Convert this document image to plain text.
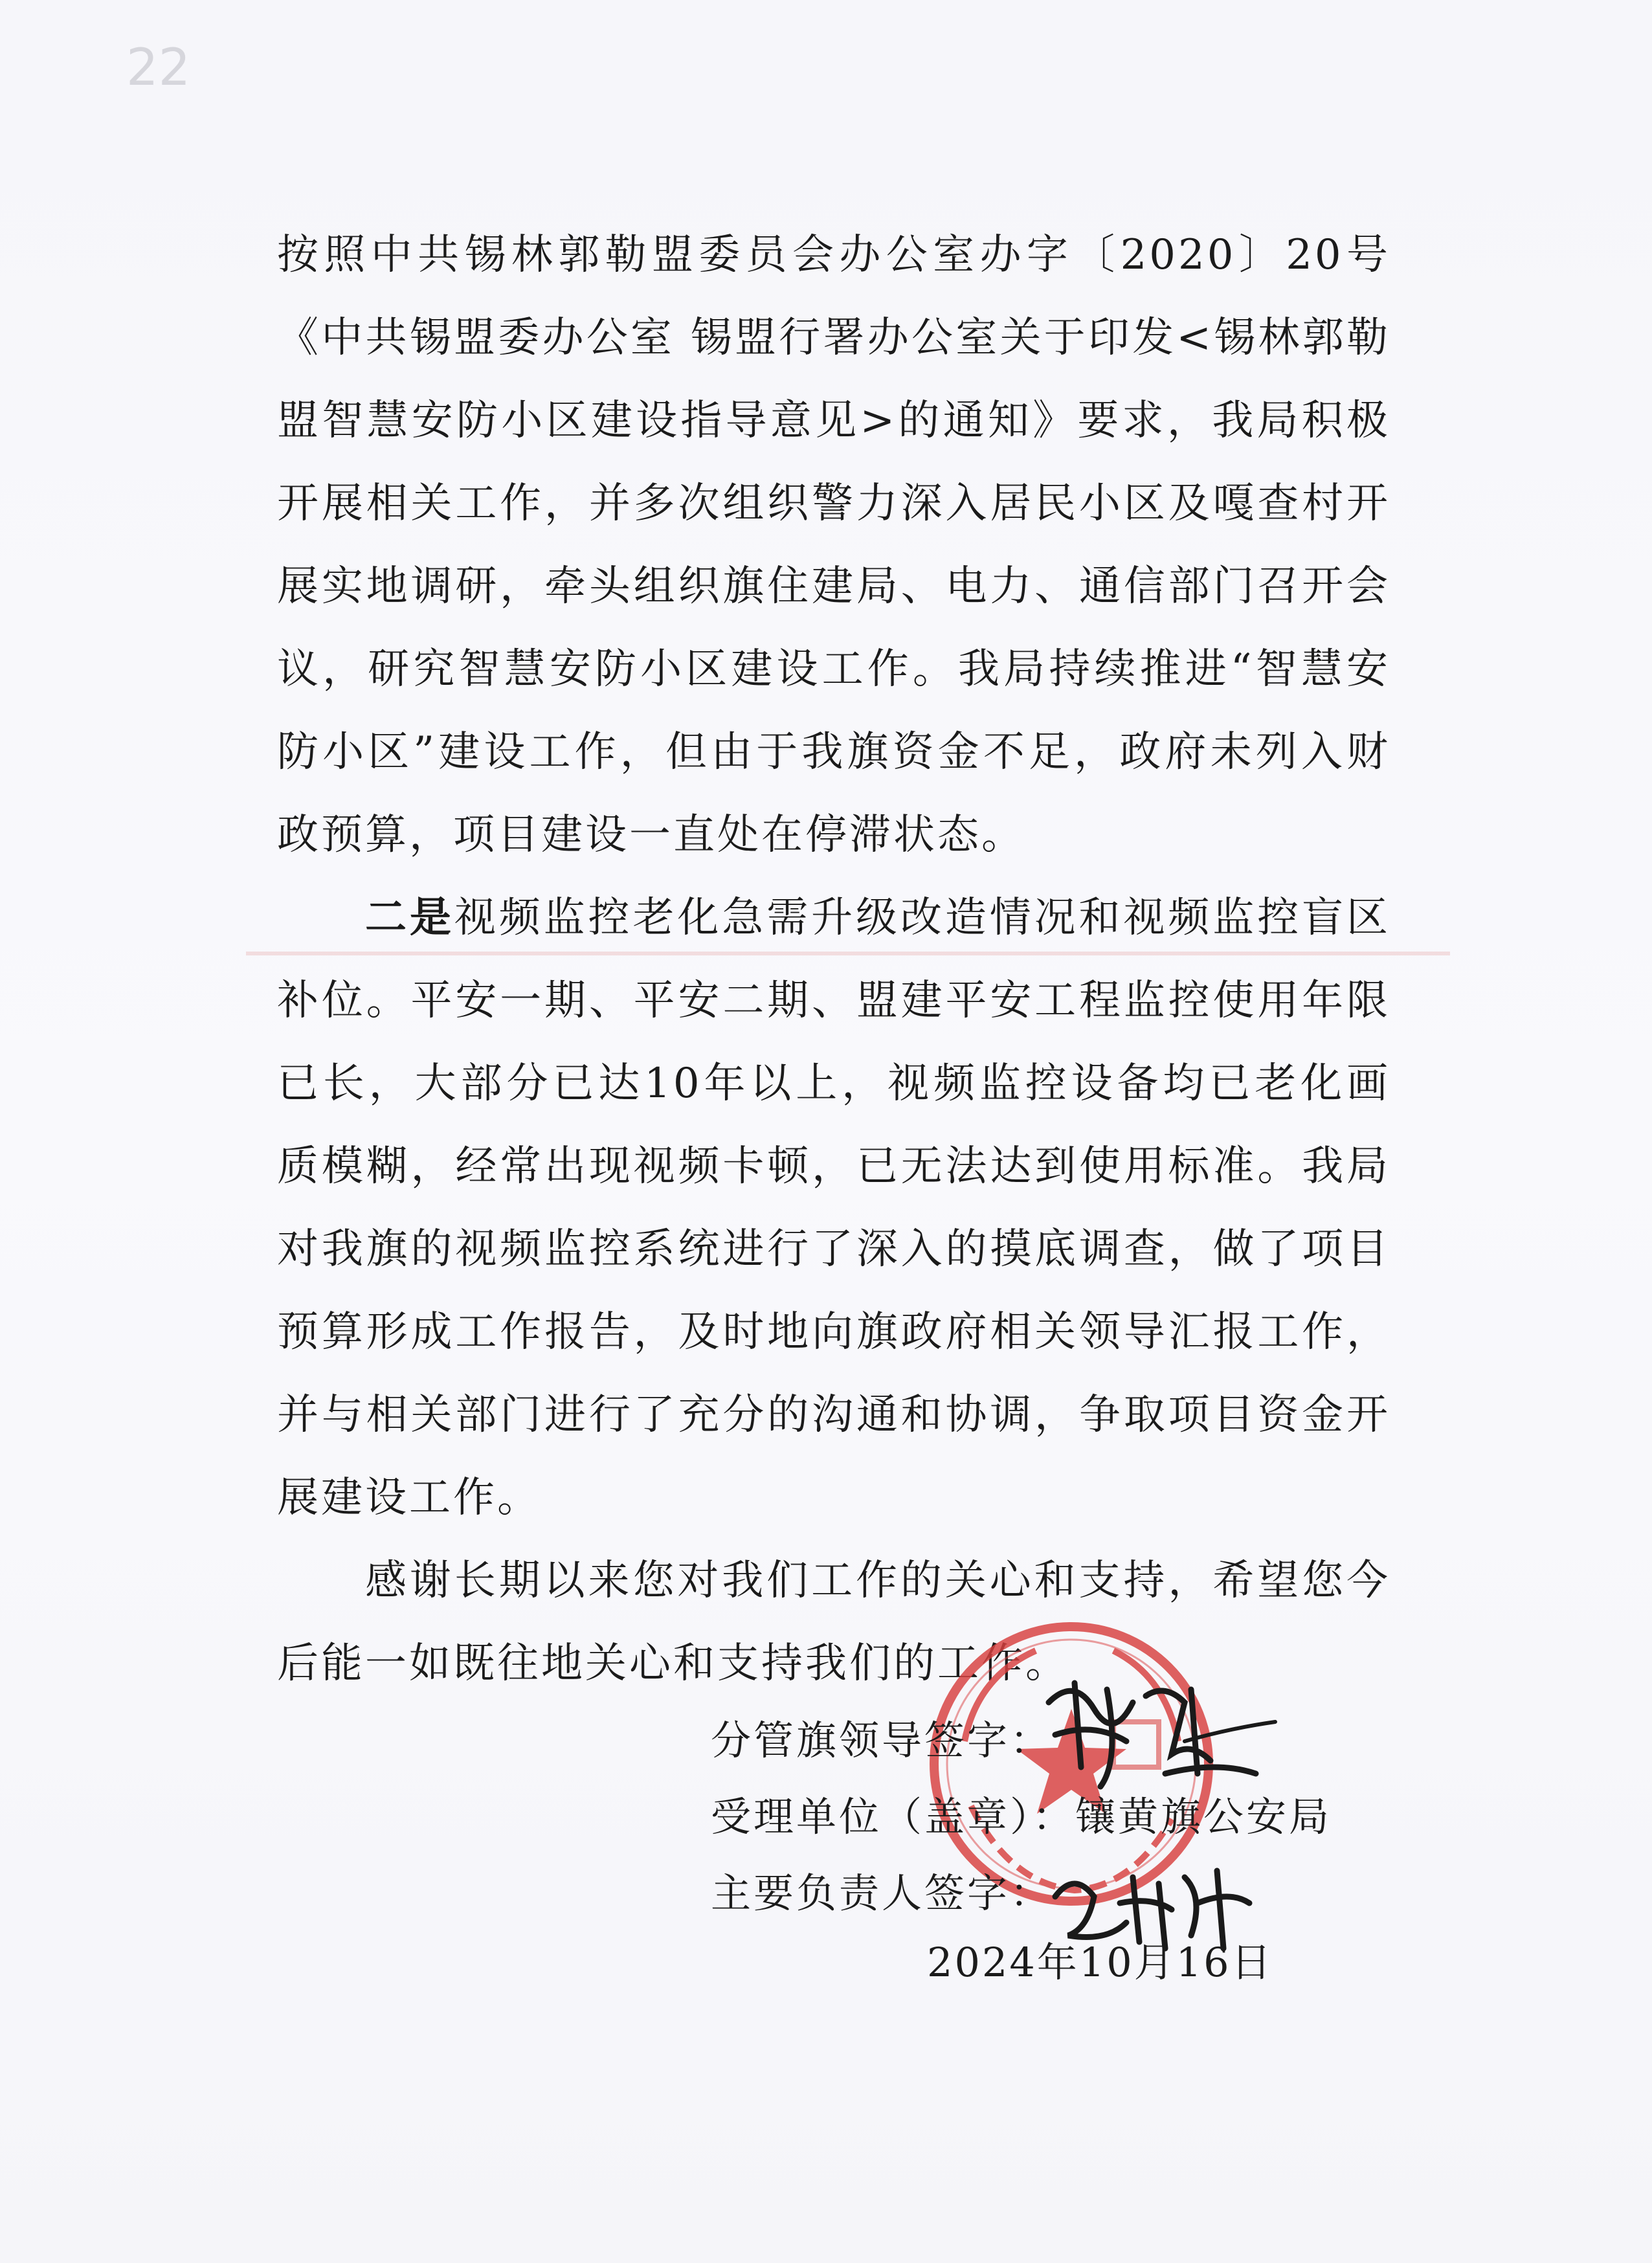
22

按照中共锡林郭勒盟委员会办公室办字〔2020〕20号《中共锡盟委办公室 锡盟行署办公室关于印发<锡林郭勒盟智慧安防小区建设指导意见>的通知》要求，我局积极开展相关工作，并多次组织警力深入居民小区及嘎查村开展实地调研，牵头组织旗住建局、电力、通信部门召开会议，研究智慧安防小区建设工作。我局持续推进“智慧安防小区”建设工作，但由于我旗资金不足，政府未列入财政预算，项目建设一直处在停滞状态。

二是视频监控老化急需升级改造情况和视频监控盲区补位。平安一期、平安二期、盟建平安工程监控使用年限已长，大部分已达10年以上，视频监控设备均已老化画质模糊，经常出现视频卡顿，已无法达到使用标准。我局对我旗的视频监控系统进行了深入的摸底调查，做了项目预算形成工作报告，及时地向旗政府相关领导汇报工作，并与相关部门进行了充分的沟通和协调，争取项目资金开展建设工作。

感谢长期以来您对我们工作的关心和支持，希望您今后能一如既往地关心和支持我们的工作。

分管旗领导签字：
受理单位（盖章）：镶黄旗公安局
主要负责人签字：
2024年10月16日
